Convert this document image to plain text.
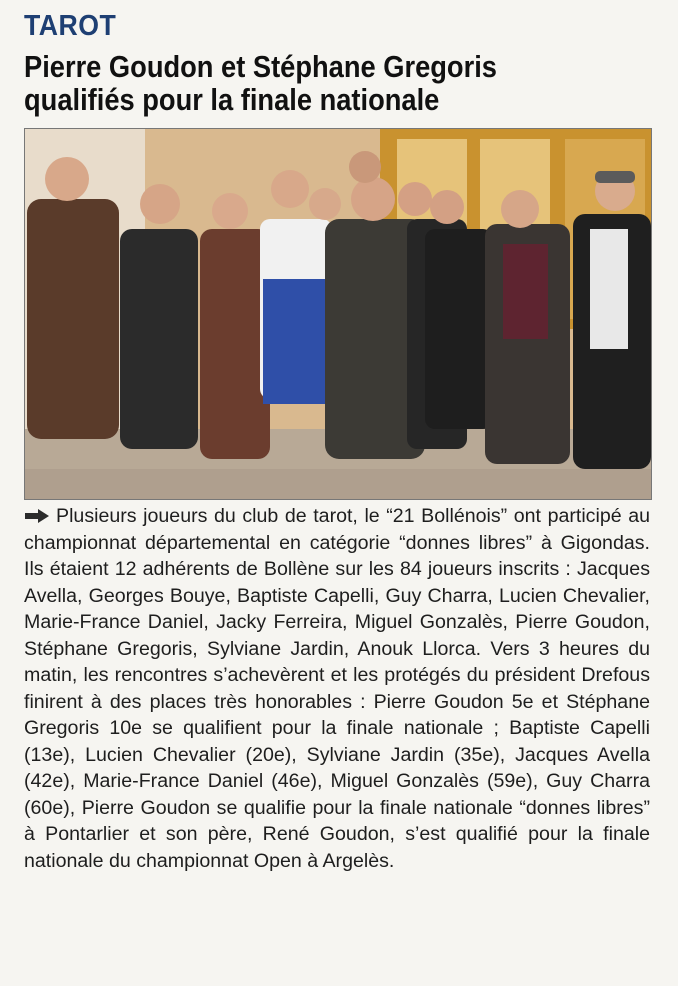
TAROT
Pierre Goudon et Stéphane Gregoris
qualifiés pour la finale nationale

Plusieurs joueurs du club de tarot, le “21 Bollénois” ont participé au championnat départemental en catégorie “donnes libres” à Gigondas. Ils étaient 12 adhérents de Bollène sur les 84 joueurs inscrits : Jacques Avella, Georges Bouye, Baptiste Capelli, Guy Charra, Lucien Chevalier, Marie-France Daniel, Jacky Ferreira, Miguel Gonzalès, Pierre Goudon, Stéphane Gregoris, Sylviane Jardin, Anouk Llorca. Vers 3 heures du matin, les rencontres s’achevèrent et les protégés du président Drefous finirent à des places très honorables : Pierre Goudon 5e et Stéphane Gregoris 10e se qualifient pour la finale nationale ; Baptiste Capelli (13e), Lucien Chevalier (20e), Sylviane Jardin (35e), Jacques Avella (42e), Marie-France Daniel (46e), Miguel Gonzalès (59e), Guy Charra (60e), Pierre Goudon se qualifie pour la finale nationale “donnes libres” à Pontarlier et son père, René Goudon, s’est qualifié pour la finale nationale du championnat Open à Argelès.
